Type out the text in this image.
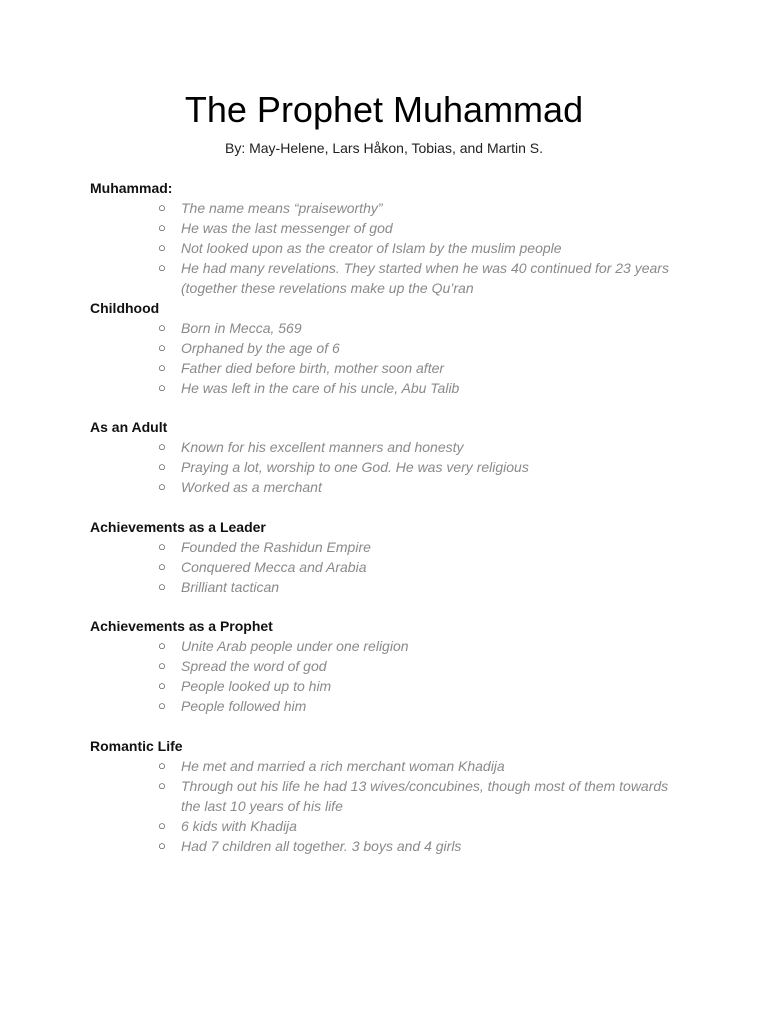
The Prophet Muhammad
By: May-Helene, Lars Håkon, Tobias, and Martin S.
Muhammad:
○ The name means “praiseworthy”
○ He was the last messenger of god
○ Not looked upon as the creator of Islam by the muslim people
○ He had many revelations. They started when he was 40 continued for 23 years (together these revelations make up the Qu’ran
Childhood
○ Born in Mecca, 569
○ Orphaned by the age of 6
○ Father died before birth, mother soon after
○ He was left in the care of his uncle, Abu Talib
As an Adult
○ Known for his excellent manners and honesty
○ Praying a lot, worship to one God. He was very religious
○ Worked as a merchant
Achievements as a Leader
○ Founded the Rashidun Empire
○ Conquered Mecca and Arabia
○ Brilliant tactican
Achievements as a Prophet
○ Unite Arab people under one religion
○ Spread the word of god
○ People looked up to him
○ People followed him
Romantic Life
○ He met and married a rich merchant woman Khadija
○ Through out his life he had 13 wives/concubines, though most of them towards the last 10 years of his life
○ 6 kids with Khadija
○ Had 7 children all together. 3 boys and 4 girls
